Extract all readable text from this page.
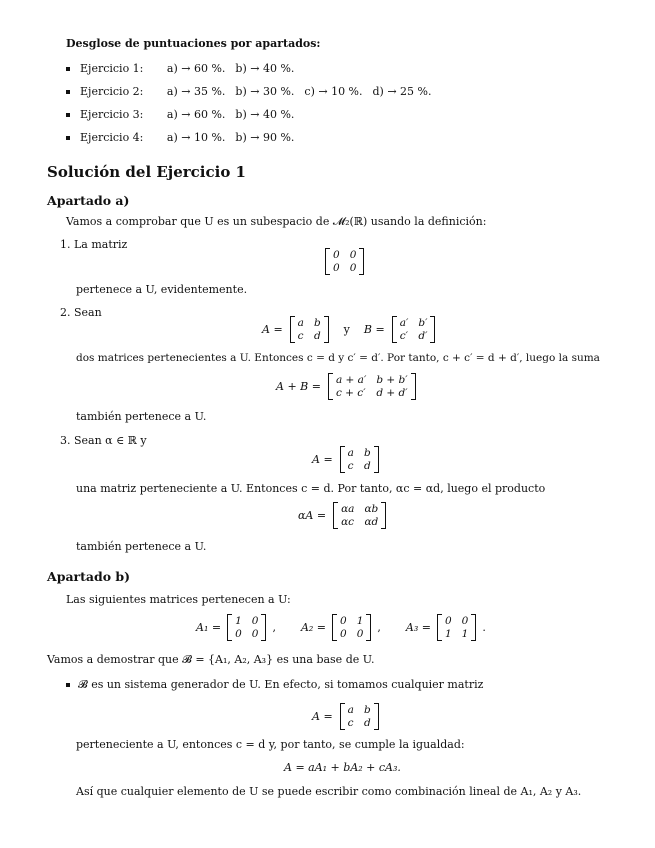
Desglose de puntuaciones por apartados:
Ejercicio 1: a) → 60 %. b) → 40 %.
Ejercicio 2: a) → 35 %. b) → 30 %. c) → 10 %. d) → 25 %.
Ejercicio 3: a) → 60 %. b) → 40 %.
Ejercicio 4: a) → 10 %. b) → 90 %.
Solución del Ejercicio 1
Apartado a)
Vamos a comprobar que U es un subespacio de 𝓜₂(ℝ) usando la definición:
1. La matriz
0 0
0 0
pertenece a U, evidentemente.
2. Sean
A = a b
c d y B = a′ b′
c′ d′
dos matrices pertenecientes a U. Entonces c = d y c′ = d′. Por tanto, c + c′ = d + d′, luego la suma
A + B = a + a′ b + b′
c + c′ d + d′
también pertenece a U.
3. Sean α ∈ ℝ y
A = a b
c d
una matriz perteneciente a U. Entonces c = d. Por tanto, αc = αd, luego el producto
αA = αa αb
αc αd
también pertenece a U.
Apartado b)
Las siguientes matrices pertenecen a U:
A₁ = 1 0
0 0 , A₂ = 0 1
0 0 , A₃ = 0 0
1 1 .
Vamos a demostrar que 𝓑 = {A₁, A₂, A₃} es una base de U.
𝓑 es un sistema generador de U. En efecto, si tomamos cualquier matriz
A = a b
c d
perteneciente a U, entonces c = d y, por tanto, se cumple la igualdad:
A = aA₁ + bA₂ + cA₃.
Así que cualquier elemento de U se puede escribir como combinación lineal de A₁, A₂ y A₃.
